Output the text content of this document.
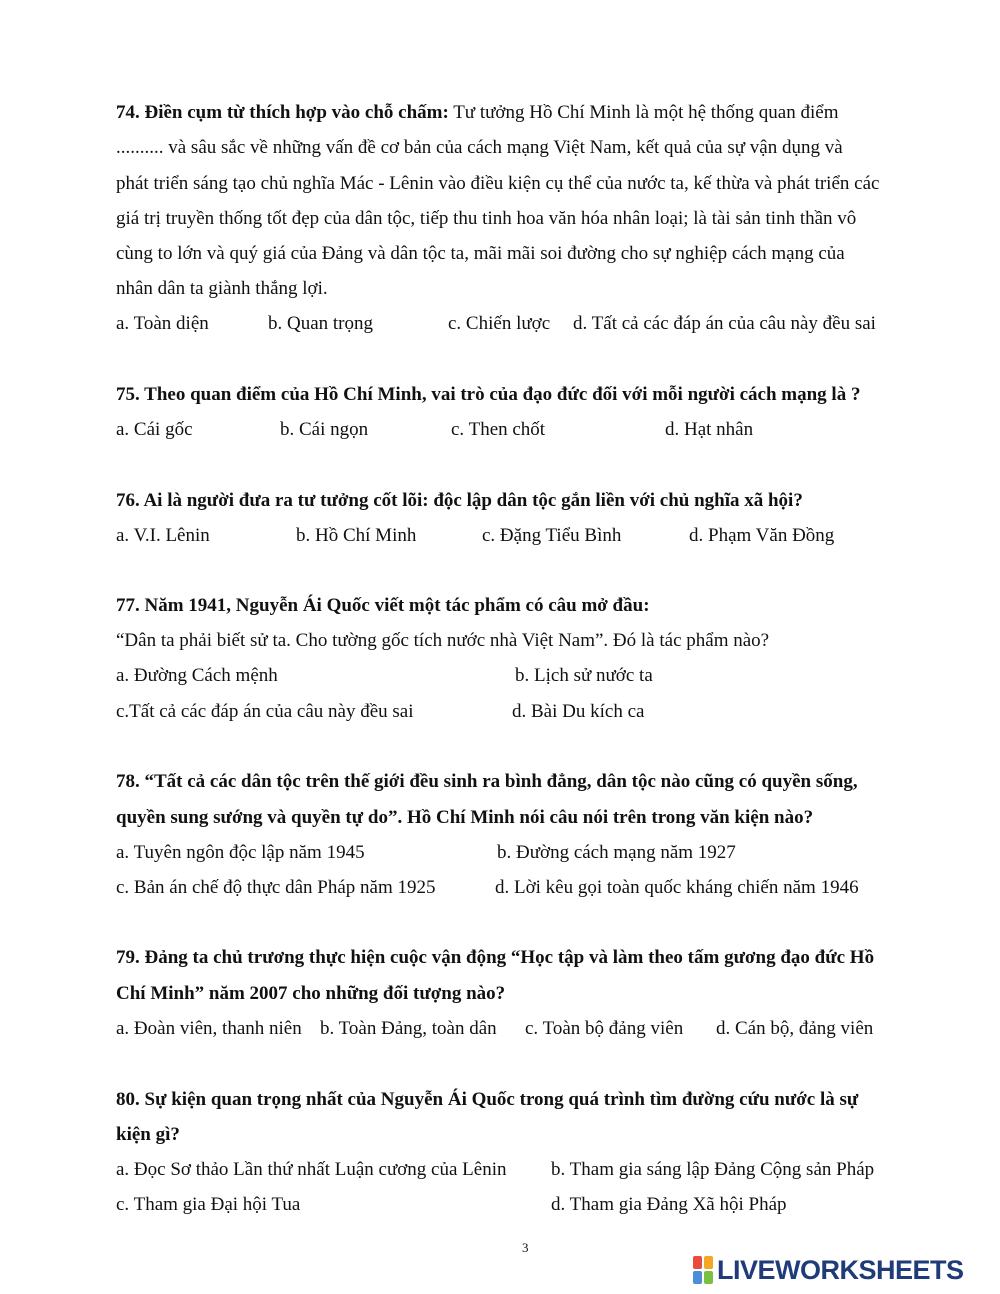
74. Điền cụm từ thích hợp vào chỗ chấm: Tư tưởng Hồ Chí Minh là một hệ thống quan điểm
.......... và sâu sắc về những vấn đề cơ bản của cách mạng Việt Nam, kết quả của sự vận dụng và
phát triển sáng tạo chủ nghĩa Mác - Lênin vào điều kiện cụ thể của nước ta, kế thừa và phát triển các
giá trị truyền thống tốt đẹp của dân tộc, tiếp thu tinh hoa văn hóa nhân loại; là tài sản tinh thần vô
cùng to lớn và quý giá của Đảng và dân tộc ta, mãi mãi soi đường cho sự nghiệp cách mạng của
nhân dân ta giành thắng lợi.
a. Toàn diện	b. Quan trọng	c. Chiến lược d. Tất cả các đáp án của câu này đều sai
75. Theo quan điểm của Hồ Chí Minh, vai trò của đạo đức đối với mỗi người cách mạng là ?
a. Cái gốc	b. Cái ngọn	c. Then chốt	d. Hạt nhân
76. Ai là người đưa ra tư tưởng cốt lõi: độc lập dân tộc gắn liền với chủ nghĩa xã hội?
a. V.I. Lênin	b. Hồ Chí Minh	c. Đặng Tiểu Bình	d. Phạm Văn Đồng
77. Năm 1941, Nguyễn Ái Quốc viết một tác phẩm có câu mở đầu:
“Dân ta phải biết sử ta. Cho tường gốc tích nước nhà Việt Nam”. Đó là tác phẩm nào?
a. Đường Cách mệnh	b. Lịch sử nước ta
c.Tất cả các đáp án của câu này đều sai	d. Bài Du kích ca
78. “Tất cả các dân tộc trên thế giới đều sinh ra bình đẳng, dân tộc nào cũng có quyền sống,
quyền sung sướng và quyền tự do”. Hồ Chí Minh nói câu nói trên trong văn kiện nào?
a. Tuyên ngôn độc lập năm 1945	b. Đường cách mạng năm 1927
c. Bản án chế độ thực dân Pháp năm 1925	d. Lời kêu gọi toàn quốc kháng chiến năm 1946
79. Đảng ta chủ trương thực hiện cuộc vận động “Học tập và làm theo tấm gương đạo đức Hồ
Chí Minh” năm 2007 cho những đối tượng nào?
a. Đoàn viên, thanh niên b. Toàn Đảng, toàn dân c. Toàn bộ đảng viên d. Cán bộ, đảng viên
80. Sự kiện quan trọng nhất của Nguyễn Ái Quốc trong quá trình tìm đường cứu nước là sự
kiện gì?
a. Đọc Sơ thảo Lần thứ nhất Luận cương của Lênin b. Tham gia sáng lập Đảng Cộng sản Pháp
c. Tham gia Đại hội Tua	d. Tham gia Đảng Xã hội Pháp
3
LIVEWORKSHEETS
